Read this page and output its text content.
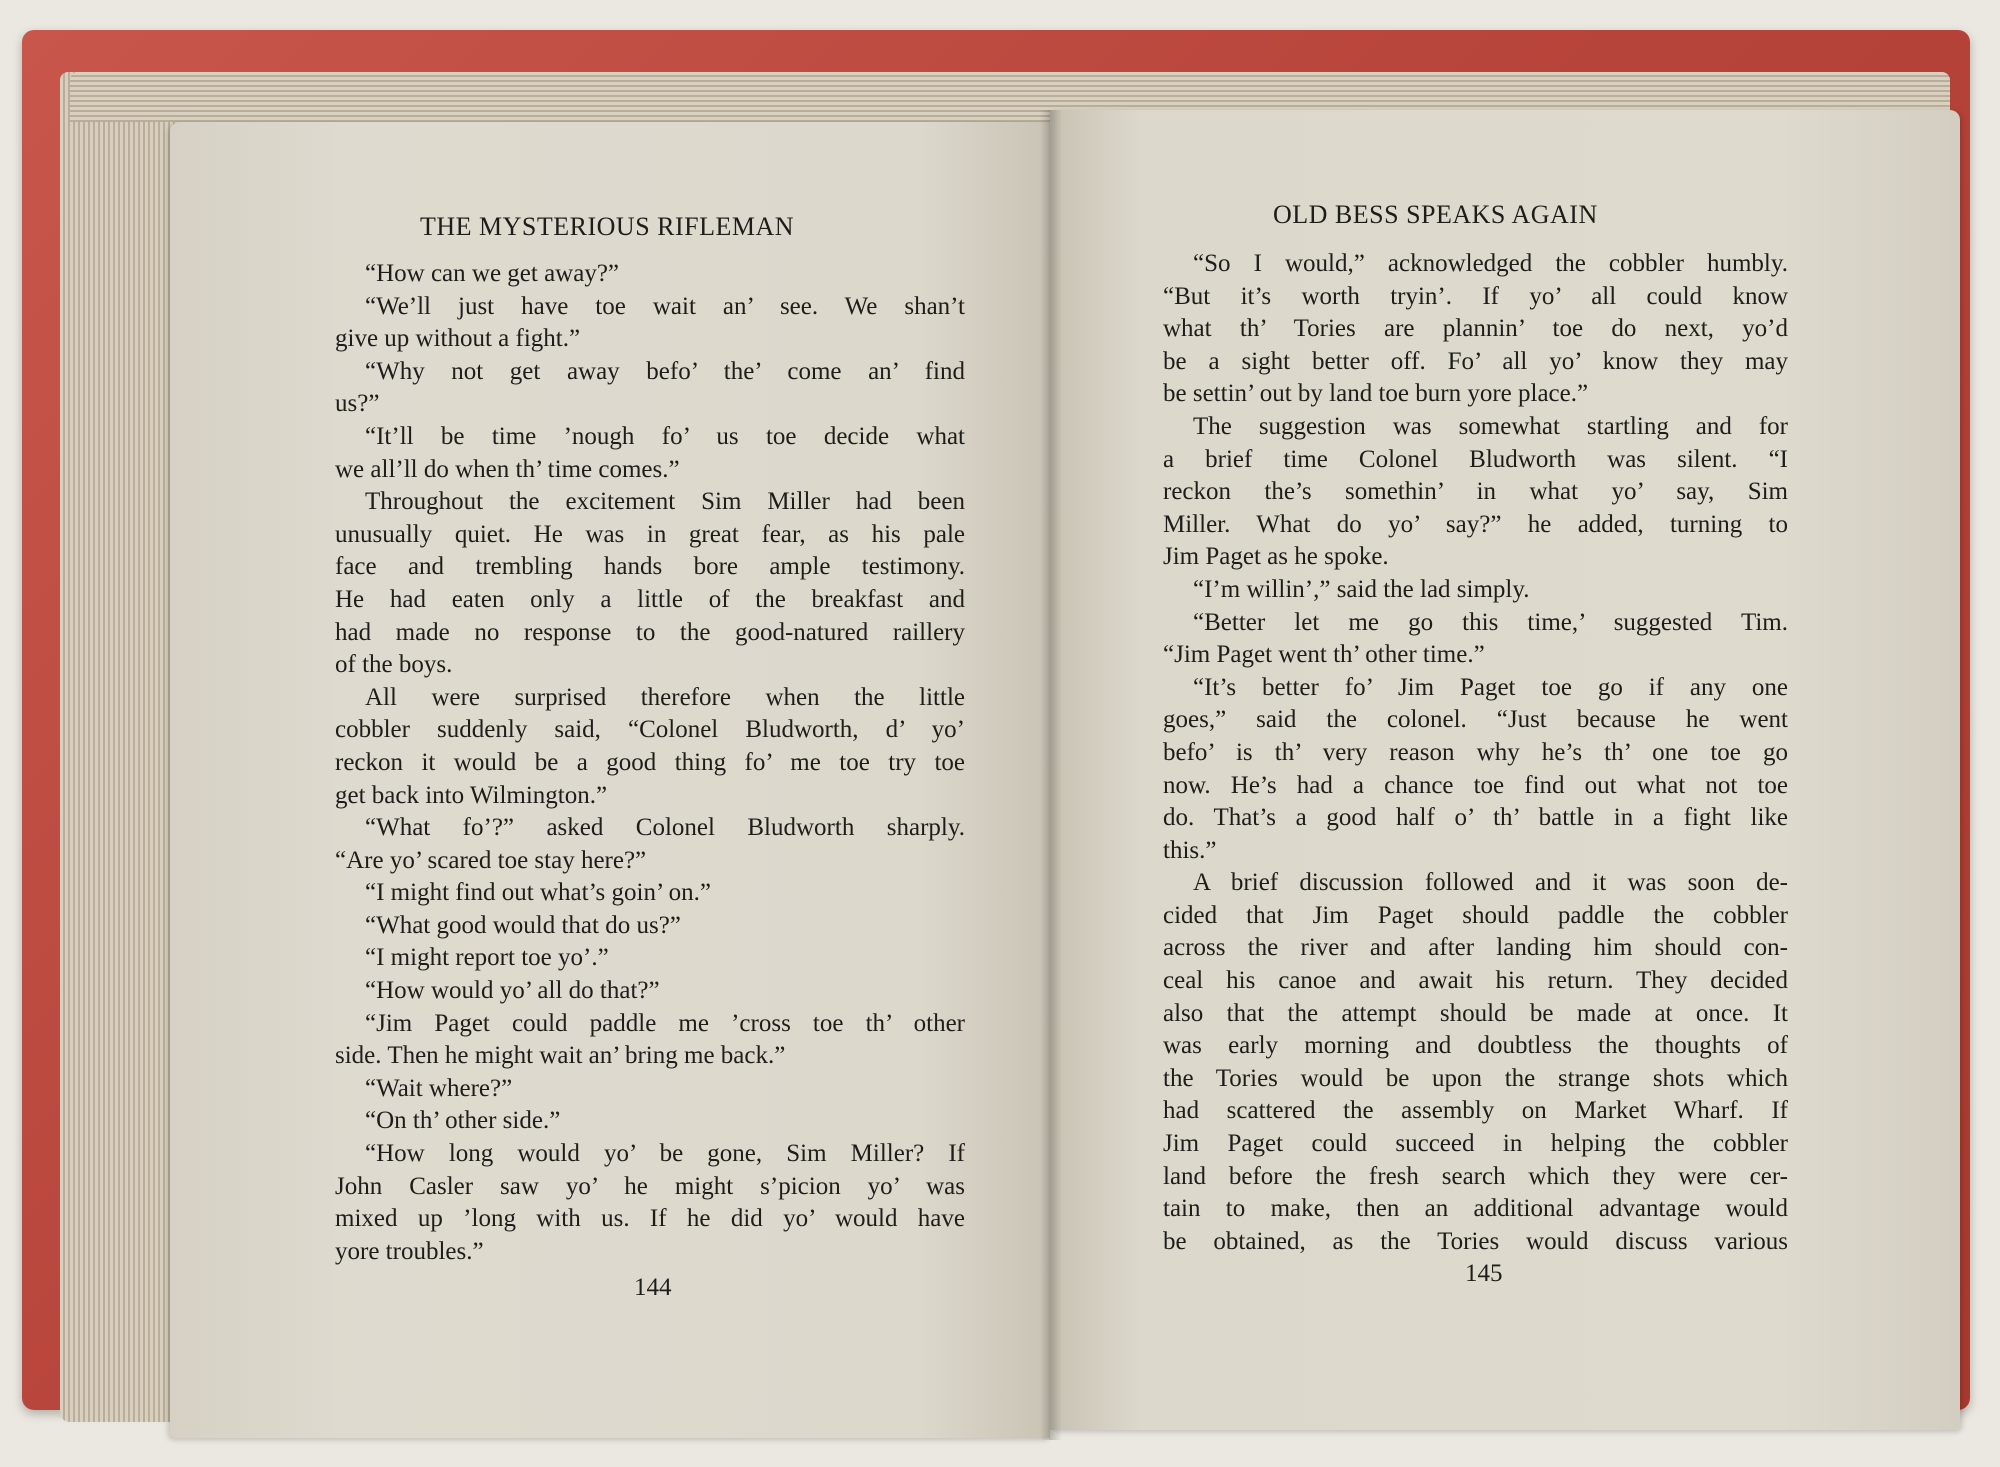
THE MYSTERIOUS RIFLEMAN
“How can we get away?”
“We’ll just have toe wait an’ see. We shan’t
give up without a fight.”
“Why not get away befo’ the’ come an’ find
us?”
“It’ll be time ’nough fo’ us toe decide what
we all’ll do when th’ time comes.”
Throughout the excitement Sim Miller had been
unusually quiet. He was in great fear, as his pale
face and trembling hands bore ample testimony.
He had eaten only a little of the breakfast and
had made no response to the good-natured raillery
of the boys.
All were surprised therefore when the little
cobbler suddenly said, “Colonel Bludworth, d’ yo’
reckon it would be a good thing fo’ me toe try toe
get back into Wilmington.”
“What fo’?” asked Colonel Bludworth sharply.
“Are yo’ scared toe stay here?”
“I might find out what’s goin’ on.”
“What good would that do us?”
“I might report toe yo’.”
“How would yo’ all do that?”
“Jim Paget could paddle me ’cross toe th’ other
side. Then he might wait an’ bring me back.”
“Wait where?”
“On th’ other side.”
“How long would yo’ be gone, Sim Miller? If
John Casler saw yo’ he might s’picion yo’ was
mixed up ’long with us. If he did yo’ would have
yore troubles.”
144
OLD BESS SPEAKS AGAIN
“So I would,” acknowledged the cobbler humbly.
“But it’s worth tryin’. If yo’ all could know
what th’ Tories are plannin’ toe do next, yo’d
be a sight better off. Fo’ all yo’ know they may
be settin’ out by land toe burn yore place.”
The suggestion was somewhat startling and for
a brief time Colonel Bludworth was silent. “I
reckon the’s somethin’ in what yo’ say, Sim
Miller. What do yo’ say?” he added, turning to
Jim Paget as he spoke.
“I’m willin’,” said the lad simply.
“Better let me go this time,’ suggested Tim.
“Jim Paget went th’ other time.”
“It’s better fo’ Jim Paget toe go if any one
goes,” said the colonel. “Just because he went
befo’ is th’ very reason why he’s th’ one toe go
now. He’s had a chance toe find out what not toe
do. That’s a good half o’ th’ battle in a fight like
this.”
A brief discussion followed and it was soon de-
cided that Jim Paget should paddle the cobbler
across the river and after landing him should con-
ceal his canoe and await his return. They decided
also that the attempt should be made at once. It
was early morning and doubtless the thoughts of
the Tories would be upon the strange shots which
had scattered the assembly on Market Wharf. If
Jim Paget could succeed in helping the cobbler
land before the fresh search which they were cer-
tain to make, then an additional advantage would
be obtained, as the Tories would discuss various
145
